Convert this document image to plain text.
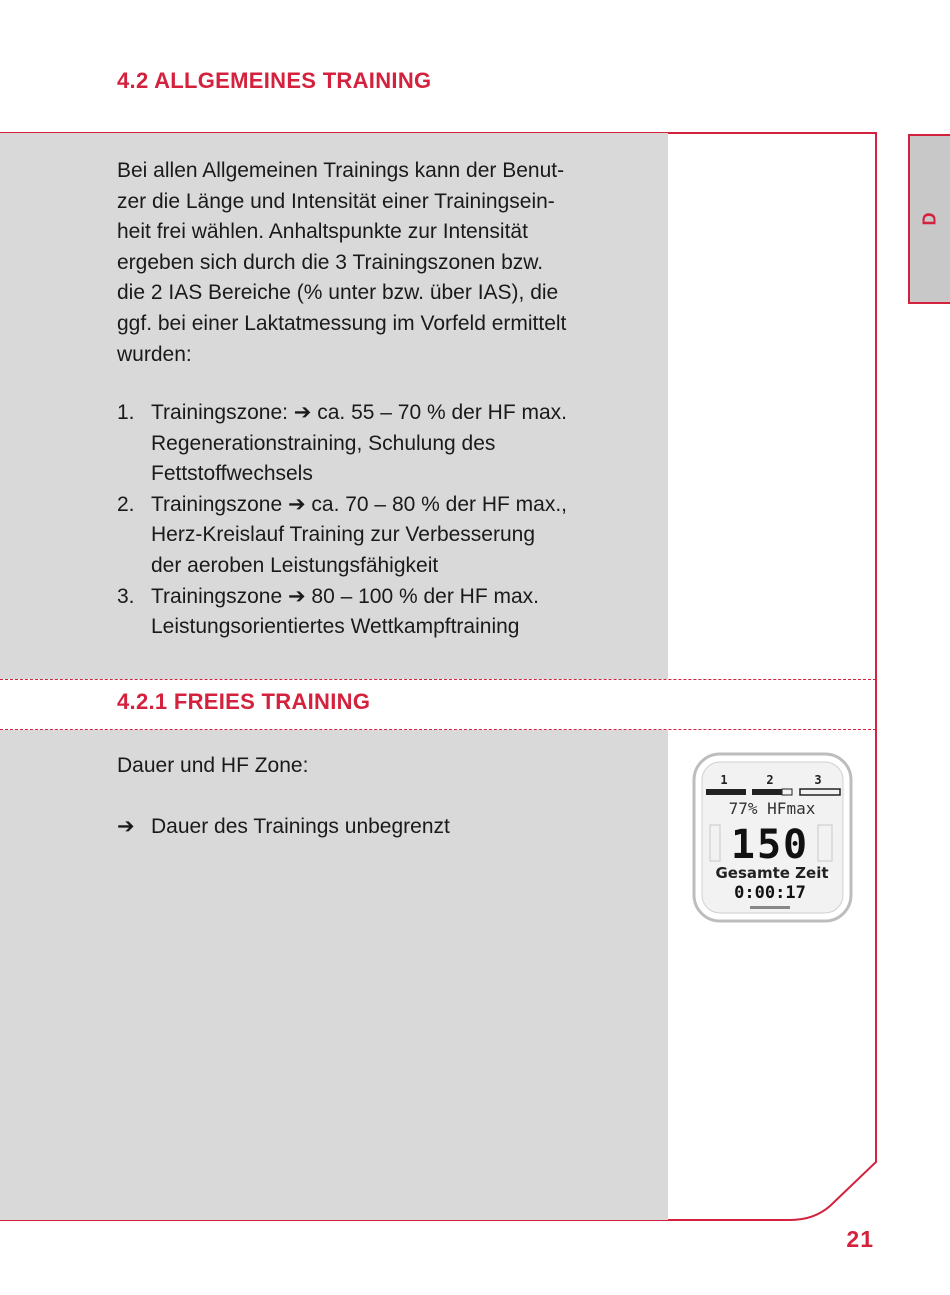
4.2 ALLGEMEINES TRAINING

Bei allen Allgemeinen Trainings kann der Benut-
zer die Länge und Intensität einer Trainingsein-
heit frei wählen. Anhaltspunkte zur Intensität
ergeben sich durch die 3 Trainingszonen bzw.
die 2 IAS Bereiche (% unter bzw. über IAS), die
ggf. bei einer Laktatmessung im Vorfeld ermittelt
wurden:

1. Trainingszone: ➔ ca. 55 – 70 % der HF max.
Regenerationstraining, Schulung des
Fettstoffwechsels
2. Trainingszone ➔ ca. 70 – 80 % der HF max.,
Herz-Kreislauf Training zur Verbesserung
der aeroben Leistungsfähigkeit
3. Trainingszone ➔ 80 – 100 % der HF max.
Leistungsorientiertes Wettkampftraining
4.2.1 FREIES TRAINING

Dauer und HF Zone:

➔ Dauer des Trainings unbegrenzt

1	2	3
77% HFmax
150
Gesamte Zeit
0:00:17
D
21
